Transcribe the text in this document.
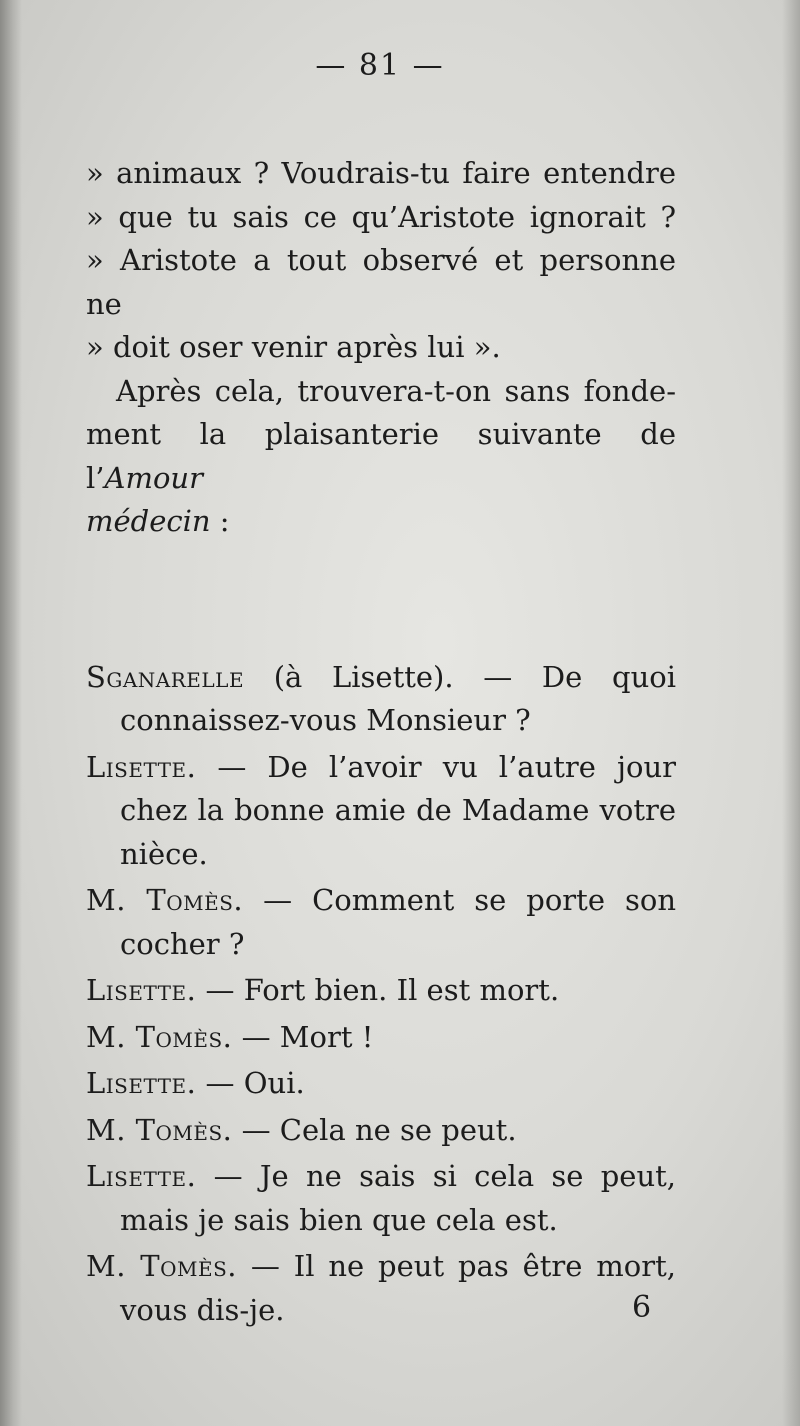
— 81 —
» animaux ? Voudrais-tu faire entendre
» que tu sais ce qu’Aristote ignorait ?
» Aristote a tout observé et personne ne
» doit oser venir après lui ».
Après cela, trouvera-t-on sans fonde-
ment la plaisanterie suivante de l’Amour
médecin :
Sganarelle (à Lisette). — De quoi
connaissez-vous Monsieur ?
Lisette. — De l’avoir vu l’autre jour
chez la bonne amie de Madame votre
nièce.
M. Tomès. — Comment se porte son
cocher ?
Lisette. — Fort bien. Il est mort.
M. Tomès. — Mort !
Lisette. — Oui.
M. Tomès. — Cela ne se peut.
Lisette. — Je ne sais si cela se peut,
mais je sais bien que cela est.
M. Tomès. — Il ne peut pas être mort,
vous dis-je.	6
